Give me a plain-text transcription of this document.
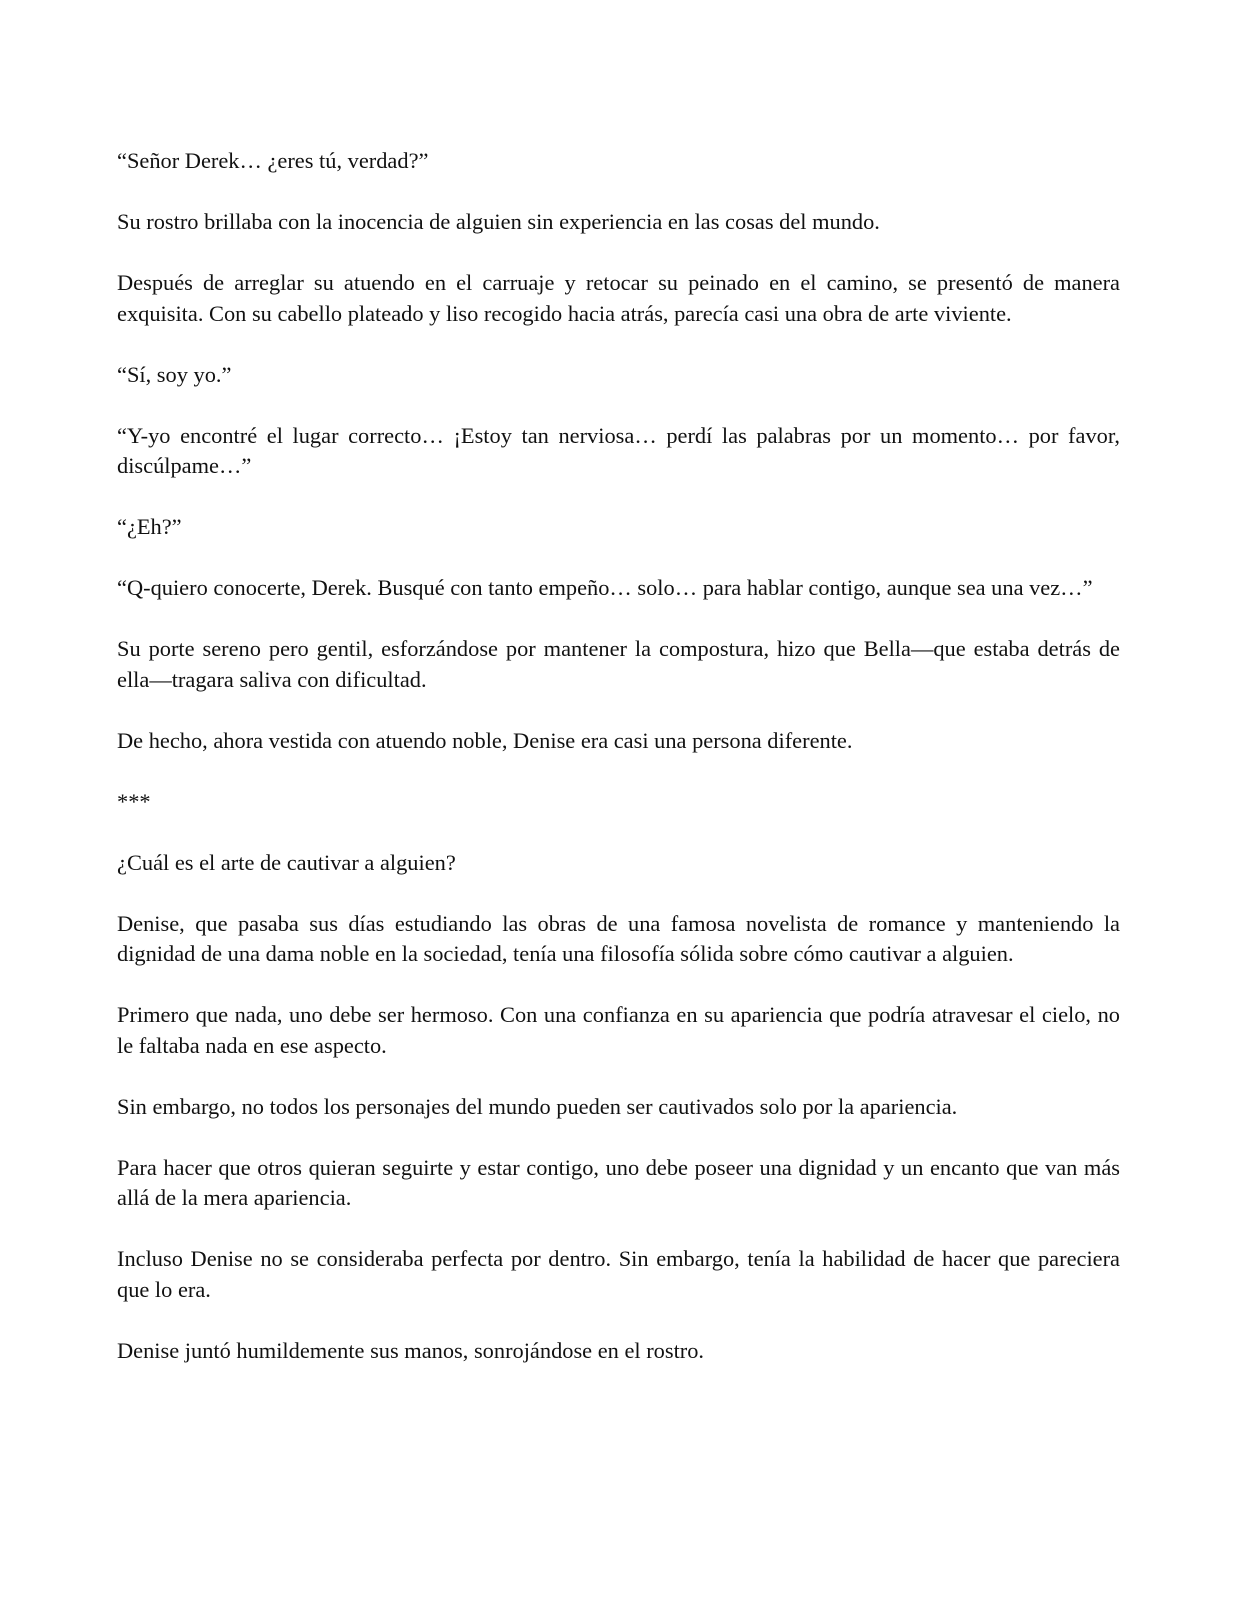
“Señor Derek… ¿eres tú, verdad?”

Su rostro brillaba con la inocencia de alguien sin experiencia en las cosas del mundo.

Después de arreglar su atuendo en el carruaje y retocar su peinado en el camino, se presentó de manera exquisita. Con su cabello plateado y liso recogido hacia atrás, parecía casi una obra de arte viviente.

“Sí, soy yo.”

“Y-yo encontré el lugar correcto… ¡Estoy tan nerviosa… perdí las palabras por un momento… por favor, discúlpame…”

“¿Eh?”

“Q-quiero conocerte, Derek. Busqué con tanto empeño… solo… para hablar contigo, aunque sea una vez…”

Su porte sereno pero gentil, esforzándose por mantener la compostura, hizo que Bella—que estaba detrás de ella—tragara saliva con dificultad.

De hecho, ahora vestida con atuendo noble, Denise era casi una persona diferente.

***

¿Cuál es el arte de cautivar a alguien?

Denise, que pasaba sus días estudiando las obras de una famosa novelista de romance y manteniendo la dignidad de una dama noble en la sociedad, tenía una filosofía sólida sobre cómo cautivar a alguien.

Primero que nada, uno debe ser hermoso. Con una confianza en su apariencia que podría atravesar el cielo, no le faltaba nada en ese aspecto.

Sin embargo, no todos los personajes del mundo pueden ser cautivados solo por la apariencia.

Para hacer que otros quieran seguirte y estar contigo, uno debe poseer una dignidad y un encanto que van más allá de la mera apariencia.

Incluso Denise no se consideraba perfecta por dentro. Sin embargo, tenía la habilidad de hacer que pareciera que lo era.

Denise juntó humildemente sus manos, sonrojándose en el rostro.
